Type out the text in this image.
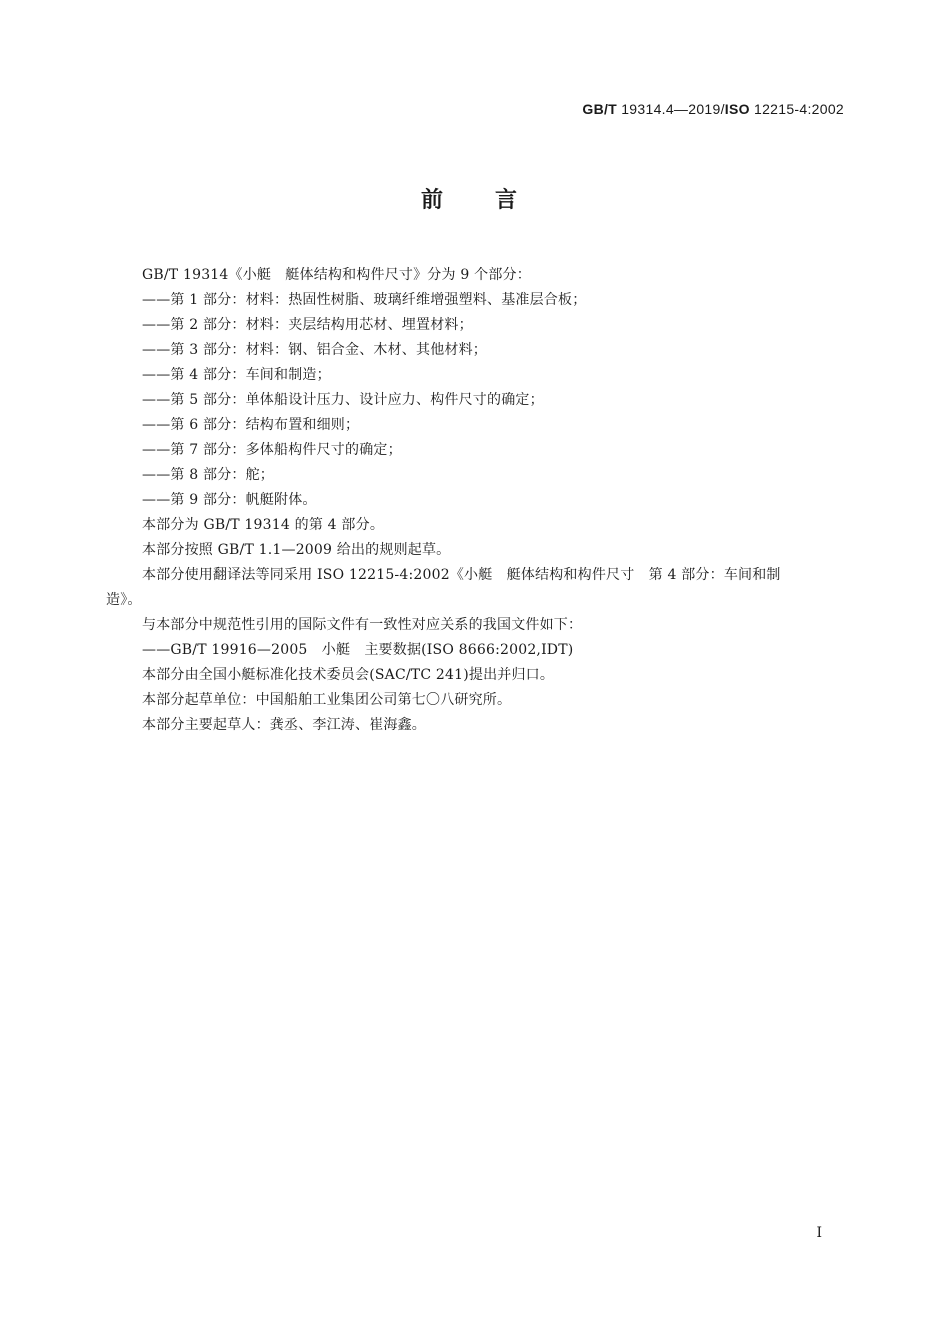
GB/T 19314.4—2019/ISO 12215-4:2002
前言
GB/T 19314《小艇　艇体结构和构件尺寸》分为 9 个部分：
——第 1 部分：材料：热固性树脂、玻璃纤维增强塑料、基准层合板；
——第 2 部分：材料：夹层结构用芯材、埋置材料；
——第 3 部分：材料：钢、铝合金、木材、其他材料；
——第 4 部分：车间和制造；
——第 5 部分：单体船设计压力、设计应力、构件尺寸的确定；
——第 6 部分：结构布置和细则；
——第 7 部分：多体船构件尺寸的确定；
——第 8 部分：舵；
——第 9 部分：帆艇附体。
本部分为 GB/T 19314 的第 4 部分。
本部分按照 GB/T 1.1—2009 给出的规则起草。
本部分使用翻译法等同采用 ISO 12215-4:2002《小艇　艇体结构和构件尺寸　第 4 部分：车间和制
造》。
与本部分中规范性引用的国际文件有一致性对应关系的我国文件如下：
——GB/T 19916—2005　小艇　主要数据(ISO 8666:2002,IDT)
本部分由全国小艇标准化技术委员会(SAC/TC 241)提出并归口。
本部分起草单位：中国船舶工业集团公司第七〇八研究所。
本部分主要起草人：龚丞、李江涛、崔海鑫。
I
